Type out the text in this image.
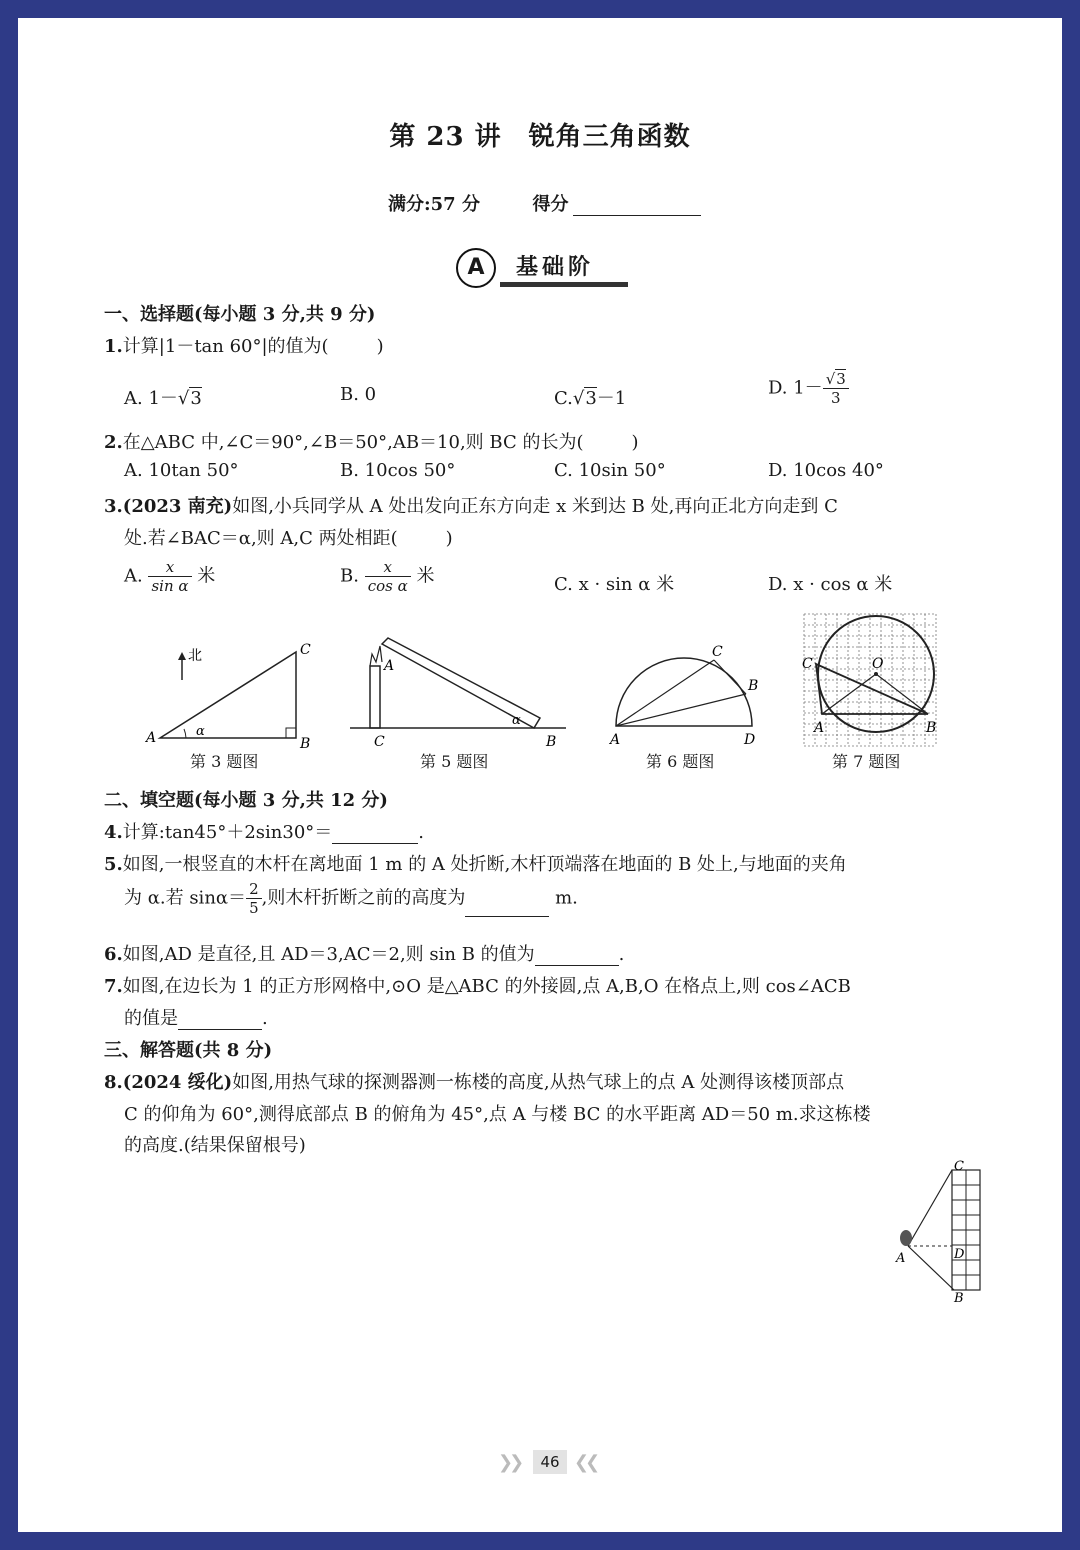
第 23 讲　锐角三角函数
满分:57 分	得分
A	基础阶
一、选择题(每小题 3 分,共 9 分)
1.计算|1－tan 60°|的值为(	)
A. 1－√3	B. 0	C.√3－1	D. $1- \frac{√3}{3}$
2.在△ABC 中,∠C＝90°,∠B＝50°,AB＝10,则 BC 的长为(	)
A. 10tan 50°	B. 10cos 50°	C. 10sin 50°	D. 10cos 40°
3.(2023 南充)如图,小兵同学从 A 处出发向正东方向走 x 米到达 B 处,再向正北方向走到 C
处.若∠BAC＝α,则 A,C 两处相距(	)
A. $\frac{x}{\text{sin α}}$ 米	B. $\frac{x}{\text{cos α}}$ 米	C. x · sin α 米	D. x · cos α 米
北
A	B
C
α
第 3 题图
A
C	B
α
第 5 题图
C
B
A	D
第 6 题图
C	O
A	B
第 7 题图
二、填空题(每小题 3 分,共 12 分)
4.计算:tan45°＋2sin30°＝	.
5.如图,一根竖直的木杆在离地面 1 m 的 A 处折断,木杆顶端落在地面的 B 处上,与地面的夹角
为 α.若 $\sin\alpha= \frac{2}{5}$ ,则木杆折断之前的高度为	m.
6.如图,AD 是直径,且 AD＝3,AC＝2,则 sin B 的值为	.
7.如图,在边长为 1 的正方形网格中,⊙O 是△ABC 的外接圆,点 A,B,O 在格点上,则 cos∠ACB
的值是	.
三、解答题(共 8 分)
8.(2024 绥化)如图,用热气球的探测器测一栋楼的高度,从热气球上的点 A 处测得该楼顶部点
C 的仰角为 60°,测得底部点 B 的俯角为 45°,点 A 与楼 BC 的水平距离 AD＝50 m.求这栋楼
的高度.(结果保留根号)
C
D
A
B
❯❯	46 ❮❮
